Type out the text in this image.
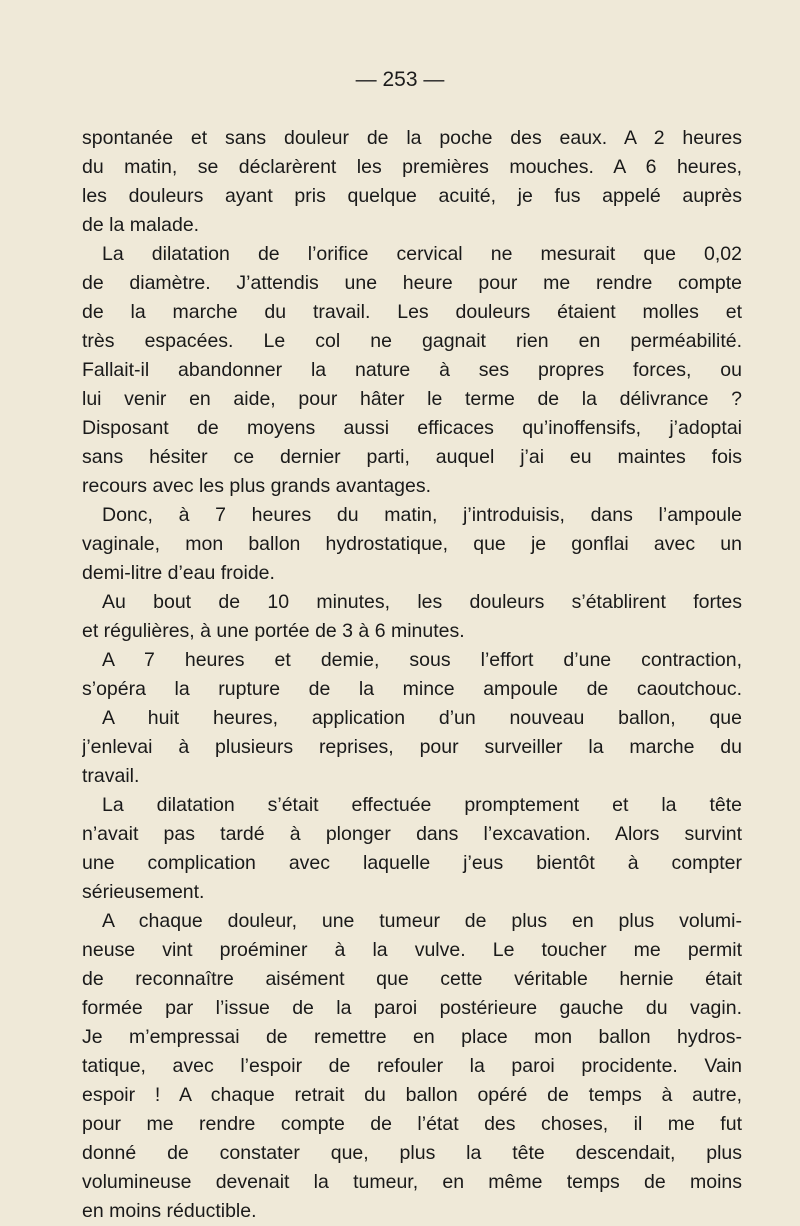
— 253 —
spontanée et sans douleur de la poche des eaux. A 2 heures
du matin, se déclarèrent les premières mouches. A 6 heures,
les douleurs ayant pris quelque acuité, je fus appelé auprès
de la malade.
La dilatation de l’orifice cervical ne mesurait que 0,02
de diamètre. J’attendis une heure pour me rendre compte
de la marche du travail. Les douleurs étaient molles et
très espacées. Le col ne gagnait rien en perméabilité.
Fallait-il abandonner la nature à ses propres forces, ou
lui venir en aide, pour hâter le terme de la délivrance ?
Disposant de moyens aussi efficaces qu’inoffensifs, j’adoptai
sans hésiter ce dernier parti, auquel j’ai eu maintes fois
recours avec les plus grands avantages.
Donc, à 7 heures du matin, j’introduisis, dans l’ampoule
vaginale, mon ballon hydrostatique, que je gonflai avec un
demi-litre d’eau froide.
Au bout de 10 minutes, les douleurs s’établirent fortes
et régulières, à une portée de 3 à 6 minutes.
A 7 heures et demie, sous l’effort d’une contraction,
s’opéra la rupture de la mince ampoule de caoutchouc.
A huit heures, application d’un nouveau ballon, que
j’enlevai à plusieurs reprises, pour surveiller la marche du
travail.
La dilatation s’était effectuée promptement et la tête
n’avait pas tardé à plonger dans l’excavation. Alors survint
une complication avec laquelle j’eus bientôt à compter
sérieusement.
A chaque douleur, une tumeur de plus en plus volumi-
neuse vint proéminer à la vulve. Le toucher me permit
de reconnaître aisément que cette véritable hernie était
formée par l’issue de la paroi postérieure gauche du vagin.
Je m’empressai de remettre en place mon ballon hydros-
tatique, avec l’espoir de refouler la paroi procidente. Vain
espoir ! A chaque retrait du ballon opéré de temps à autre,
pour me rendre compte de l’état des choses, il me fut
donné de constater que, plus la tête descendait, plus
volumineuse devenait la tumeur, en même temps de moins
en moins réductible.
